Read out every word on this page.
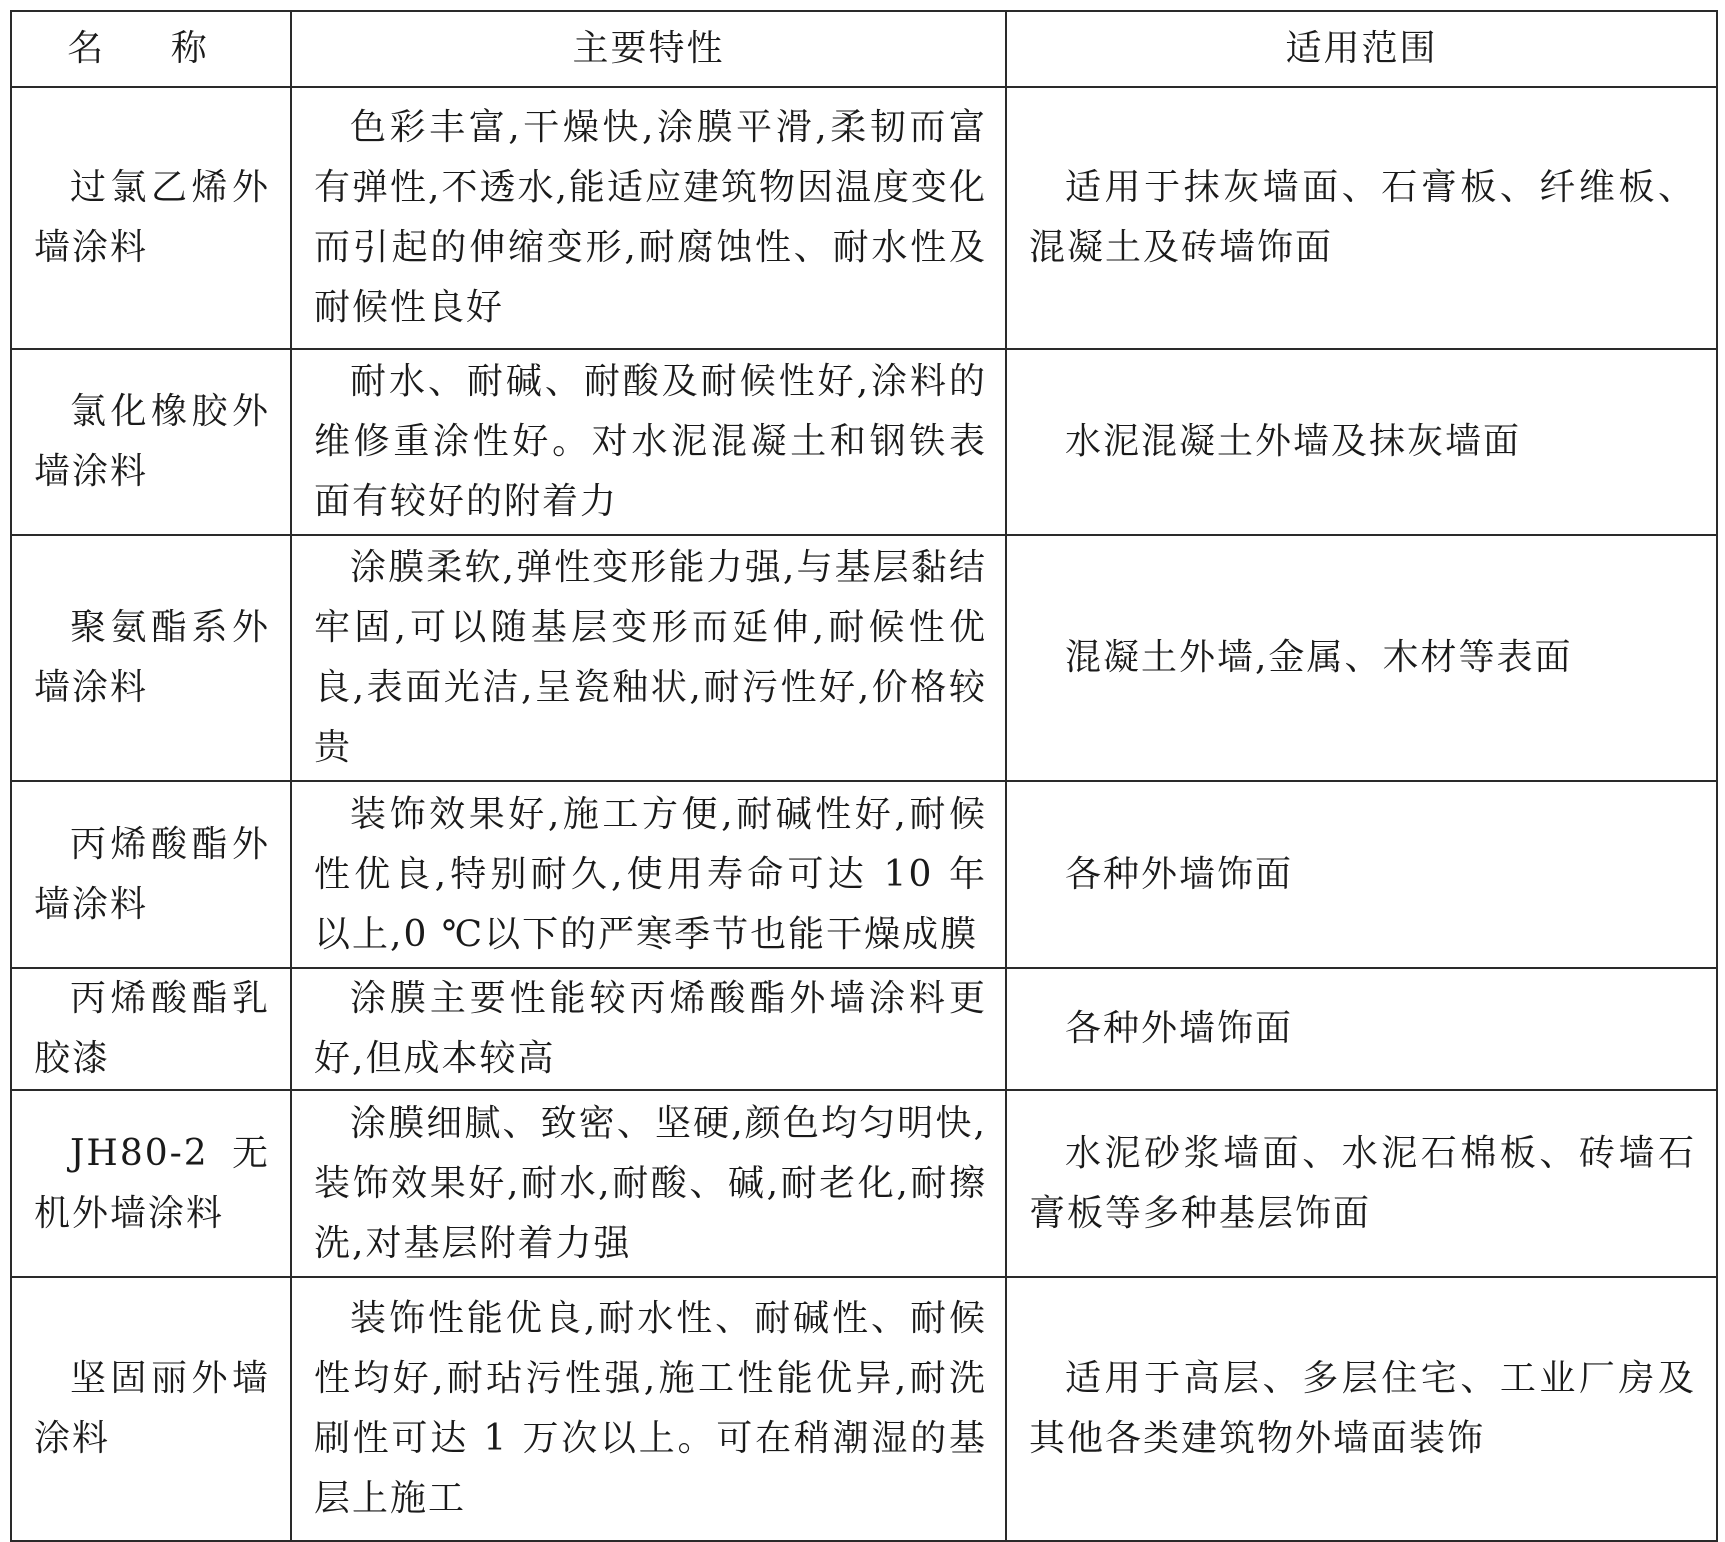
名 称	主要特性	适用范围
过氯乙烯外墙涂料	色彩丰富,干燥快,涂膜平滑,柔韧而富有弹性,不透水,能适应建筑物因温度变化而引起的伸缩变形,耐腐蚀性、耐水性及耐候性良好	适用于抹灰墙面、石膏板、纤维板、混凝土及砖墙饰面
氯化橡胶外墙涂料	耐水、耐碱、耐酸及耐候性好,涂料的维修重涂性好。对水泥混凝土和钢铁表面有较好的附着力	水泥混凝土外墙及抹灰墙面
聚氨酯系外墙涂料	涂膜柔软,弹性变形能力强,与基层黏结牢固,可以随基层变形而延伸,耐候性优良,表面光洁,呈瓷釉状,耐污性好,价格较贵	混凝土外墙,金属、木材等表面
丙烯酸酯外墙涂料	装饰效果好,施工方便,耐碱性好,耐候性优良,特别耐久,使用寿命可达 10 年以上,0 ℃以下的严寒季节也能干燥成膜	各种外墙饰面
丙烯酸酯乳胶漆	涂膜主要性能较丙烯酸酯外墙涂料更好,但成本较高	各种外墙饰面
JH80-2 无机外墙涂料	涂膜细腻、致密、坚硬,颜色均匀明快,装饰效果好,耐水,耐酸、碱,耐老化,耐擦洗,对基层附着力强	水泥砂浆墙面、水泥石棉板、砖墙石膏板等多种基层饰面
坚固丽外墙涂料	装饰性能优良,耐水性、耐碱性、耐候性均好,耐玷污性强,施工性能优异,耐洗刷性可达 1 万次以上。可在稍潮湿的基层上施工	适用于高层、多层住宅、工业厂房及其他各类建筑物外墙面装饰
